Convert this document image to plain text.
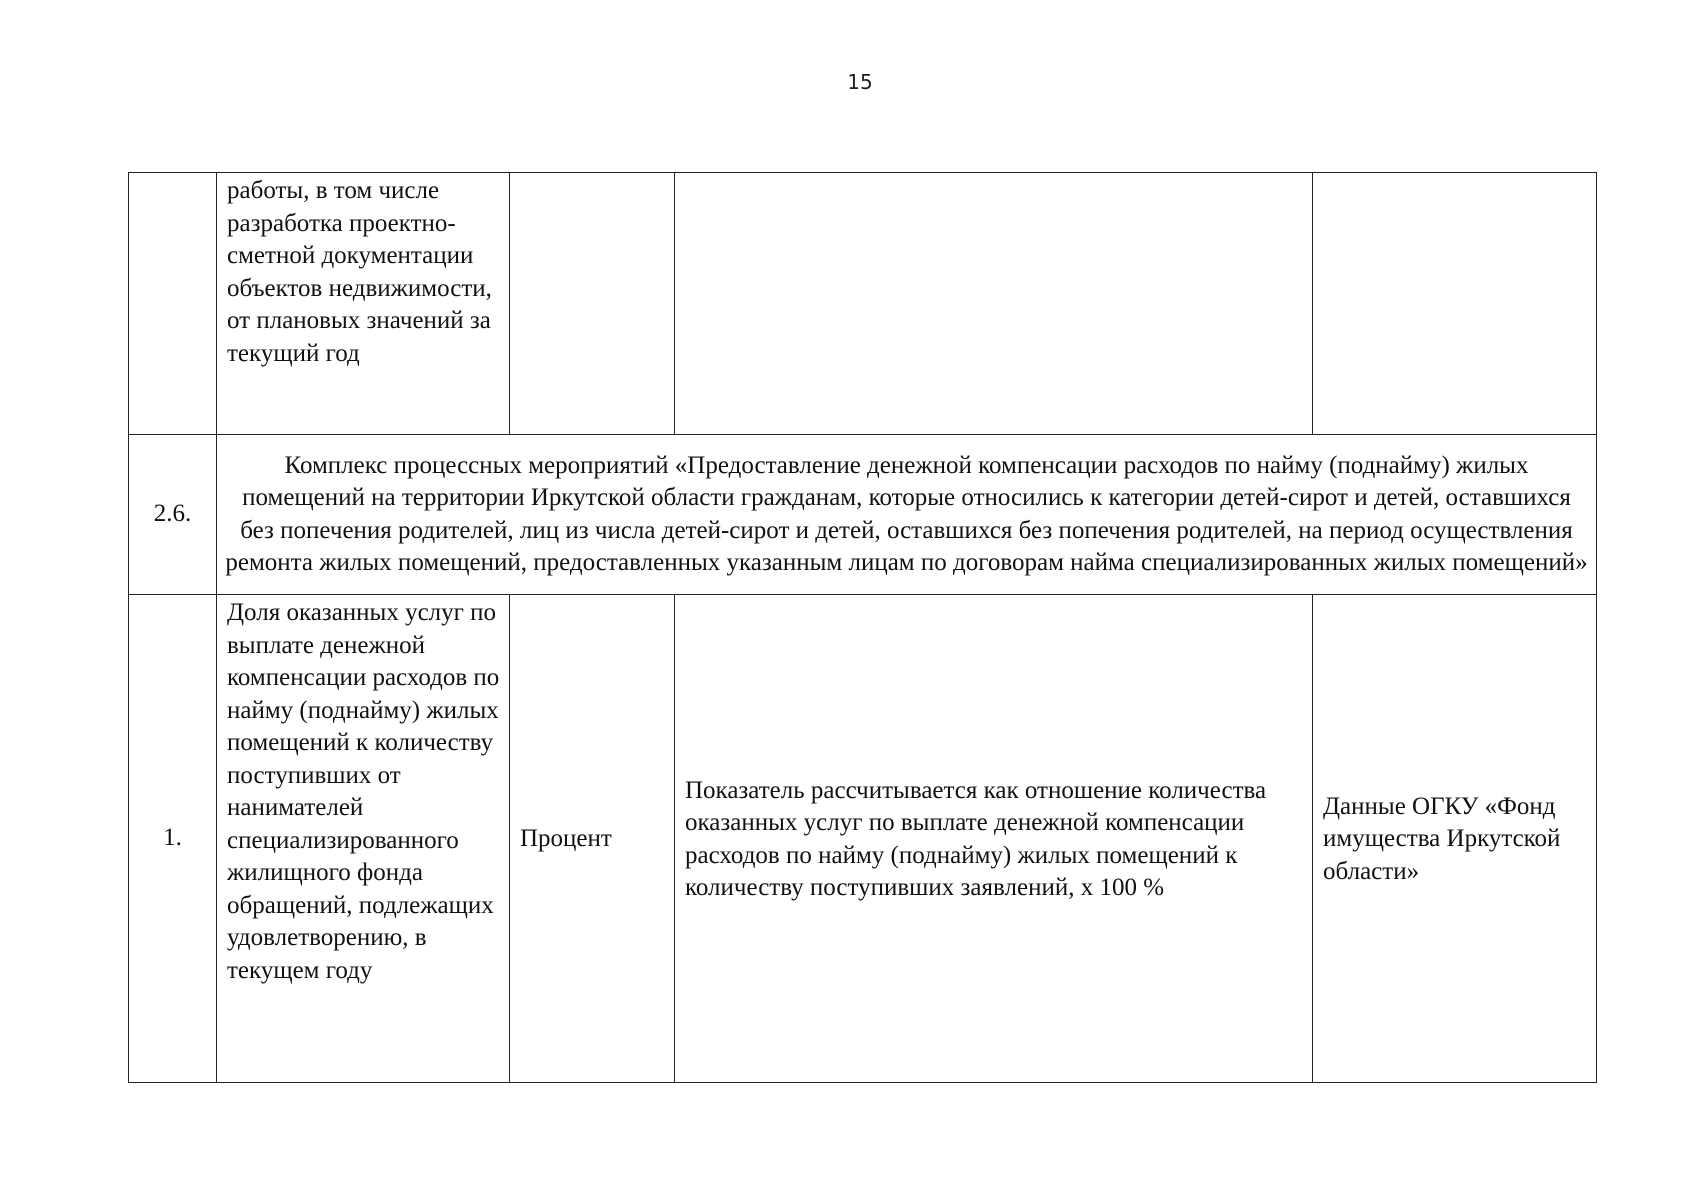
15
	работы, в том числе разработка проектно-сметной документации объектов недвижимости, от плановых значений за текущий год			
2.6.	Комплекс процессных мероприятий «Предоставление денежной компенсации расходов по найму (поднайму) жилых помещений на территории Иркутской области гражданам, которые относились к категории детей-сирот и детей, оставшихся без попечения родителей, лиц из числа детей-сирот и детей, оставшихся без попечения родителей, на период осуществления ремонта жилых помещений, предоставленных указанным лицам по договорам найма специализированных жилых помещений»			
1.	Доля оказанных услуг по выплате денежной компенсации расходов по найму (поднайму) жилых помещений к количеству поступивших от нанимателей специализированного жилищного фонда обращений, подлежащих удовлетворению, в текущем году	Процент	Показатель рассчитывается как отношение количества оказанных услуг по выплате денежной компенсации расходов по найму (поднайму) жилых помещений к количеству поступивших заявлений, х 100 %	Данные ОГКУ «Фонд имущества Иркутской области»
